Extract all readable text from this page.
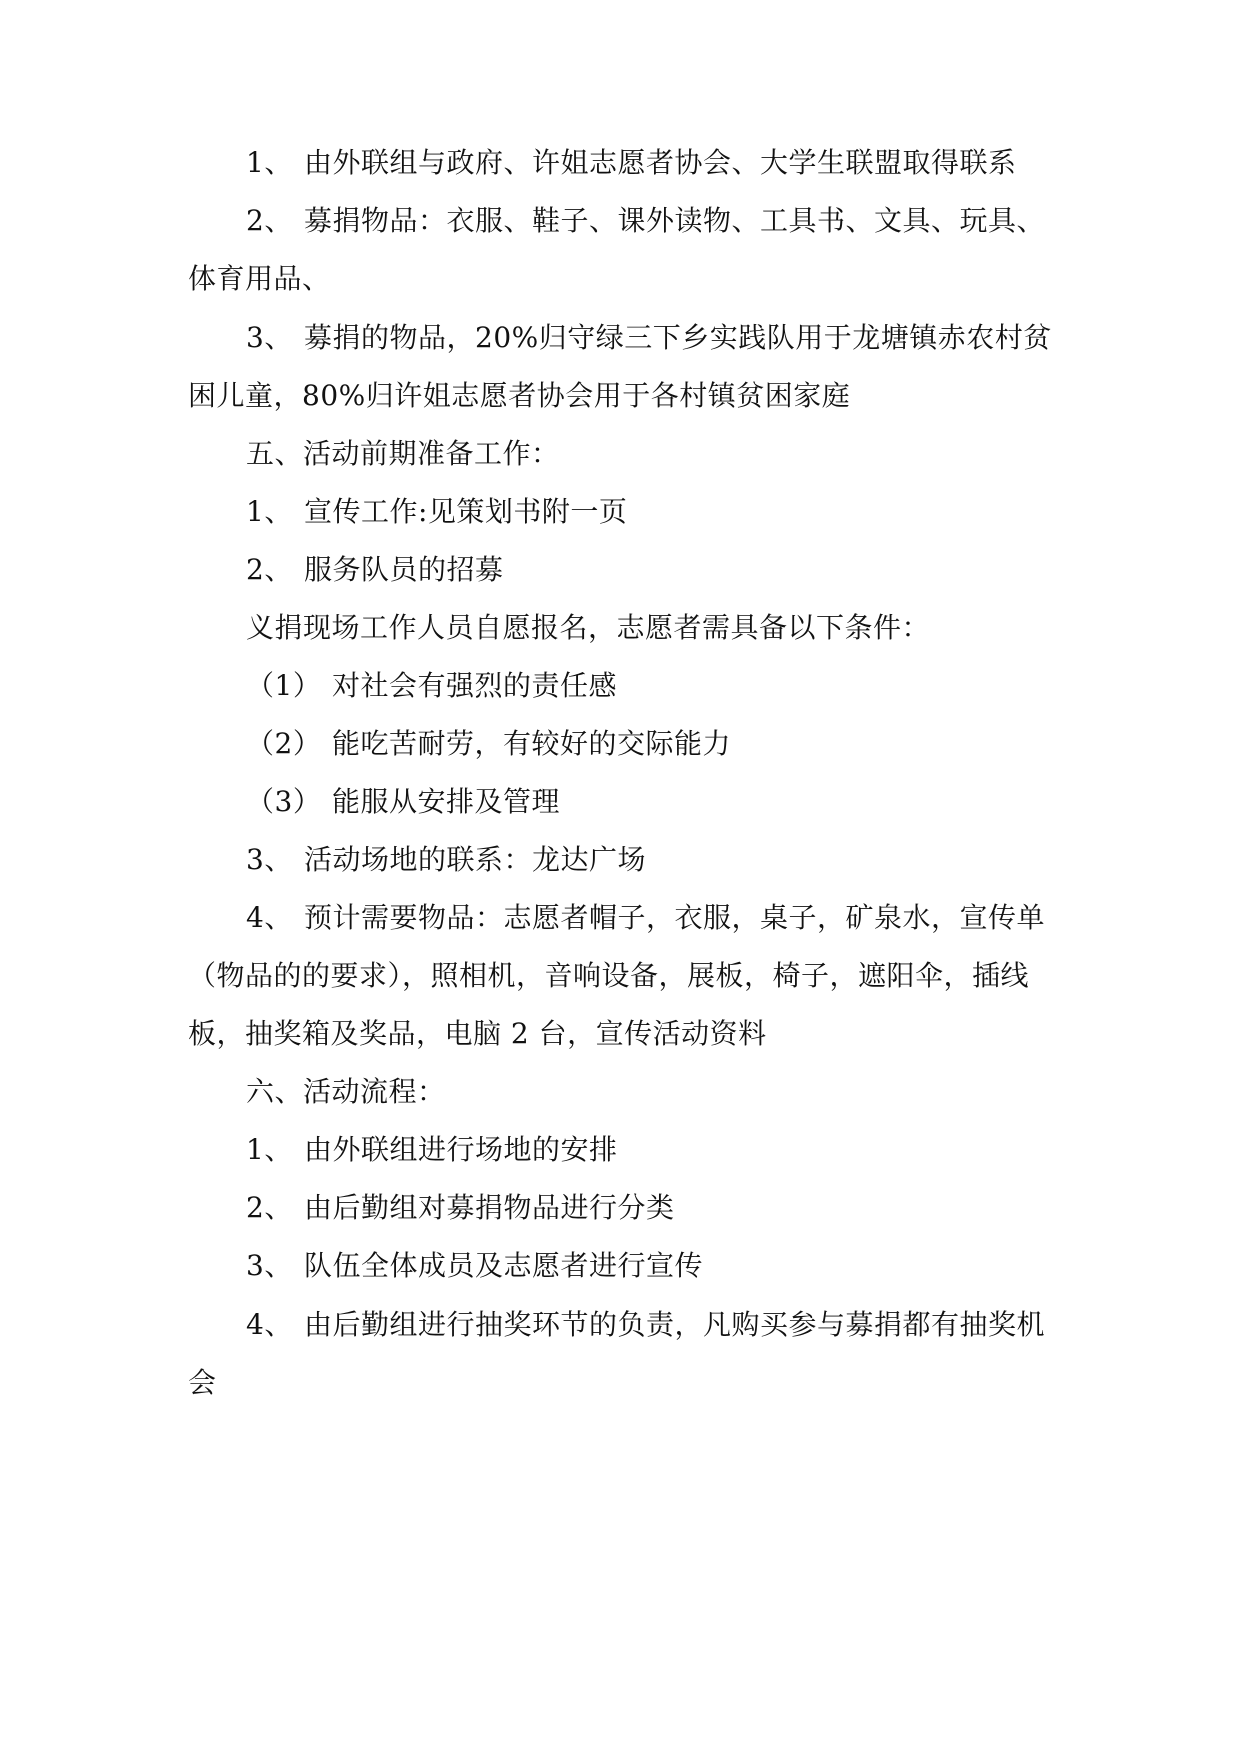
1、 由外联组与政府、许姐志愿者协会、大学生联盟取得联系
2、 募捐物品：衣服、鞋子、课外读物、工具书、文具、玩具、
体育用品、
3、 募捐的物品，20%归守绿三下乡实践队用于龙塘镇赤农村贫
困儿童，80%归许姐志愿者协会用于各村镇贫困家庭
五、活动前期准备工作：
1、 宣传工作:见策划书附一页
2、 服务队员的招募
义捐现场工作人员自愿报名，志愿者需具备以下条件：
（1） 对社会有强烈的责任感
（2） 能吃苦耐劳，有较好的交际能力
（3） 能服从安排及管理
3、 活动场地的联系：龙达广场
4、 预计需要物品：志愿者帽子，衣服，桌子，矿泉水，宣传单
（物品的的要求），照相机，音响设备，展板，椅子，遮阳伞，插线
板，抽奖箱及奖品，电脑 2 台，宣传活动资料
六、活动流程：
1、 由外联组进行场地的安排
2、 由后勤组对募捐物品进行分类
3、 队伍全体成员及志愿者进行宣传
4、 由后勤组进行抽奖环节的负责，凡购买参与募捐都有抽奖机
会
